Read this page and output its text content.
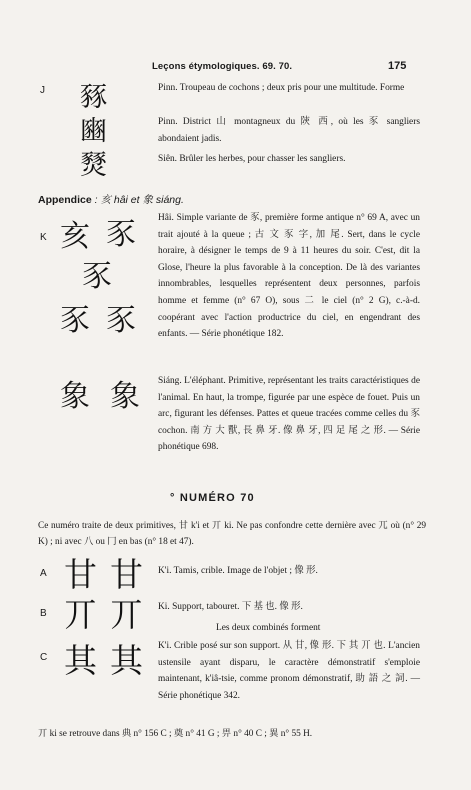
Leçons étymologiques. 69. 70.	175
J 豩
豳
燹
Pinn. Troupeau de cochons ; deux pris pour une multitude. Forme
Pinn. District 山 montagneux du 陝 西, où les 豕 sangliers abondaient jadis.
Siên. Brûler les herbes, pour chasser les sangliers.
Appendice : 亥 hâi et 象 siáng.
K 亥 豕
豕
豕 豕
象 象
Hâi. Simple variante de 豕, première forme antique n° 69 A, avec un trait ajouté à la queue ; 古 文 豕 字, 加 尾. Sert, dans le cycle horaire, à désigner le temps de 9 à 11 heures du soir. C'est, dit la Glose, l'heure la plus favorable à la conception. De là des variantes innombrables, lesquelles représentent deux personnes, parfois homme et femme (n° 67 O), sous 二 le ciel (n° 2 G), c.-à-d. coopérant avec l'action productrice du ciel, en engendrant des enfants. — Série phonétique 182.
Siáng. L'éléphant. Primitive, représentant les traits caractéristiques de l'animal. En haut, la trompe, figurée par une espèce de fouet. Puis un arc, figurant les défenses. Pattes et queue tracées comme celles du 豕 cochon. 南 方 大 獸, 長 鼻 牙. 像 鼻 牙, 四 足 尾 之 形. — Série phonétique 698.
° NUMÉRO 70
Ce numéro traite de deux primitives, 甘 k'i et 丌 ki. Ne pas confondre cette dernière avec 兀 où (n° 29 K) ; ni avec 八 ou 冂 en bas (n° 18 et 47).
A 甘 甘 K'i. Tamis, crible. Image de l'objet ; 像 形.
B 丌 丌 Ki. Support, tabouret. 下 基 也. 像 形.
Les deux combinés forment
C 其 其 K'i. Crible posé sur son support. 从 甘, 像 形. 下 其 丌 也. L'ancien ustensile ayant disparu, le caractère démonstratif s'emploie maintenant, k'iâ-tsie, comme pronom démonstratif, 助 語 之 詞. — Série phonétique 342.
丌 ki se retrouve dans 典 n° 156 C ; 奠 n° 41 G ; 畀 n° 40 C ; 異 n° 55 H.
